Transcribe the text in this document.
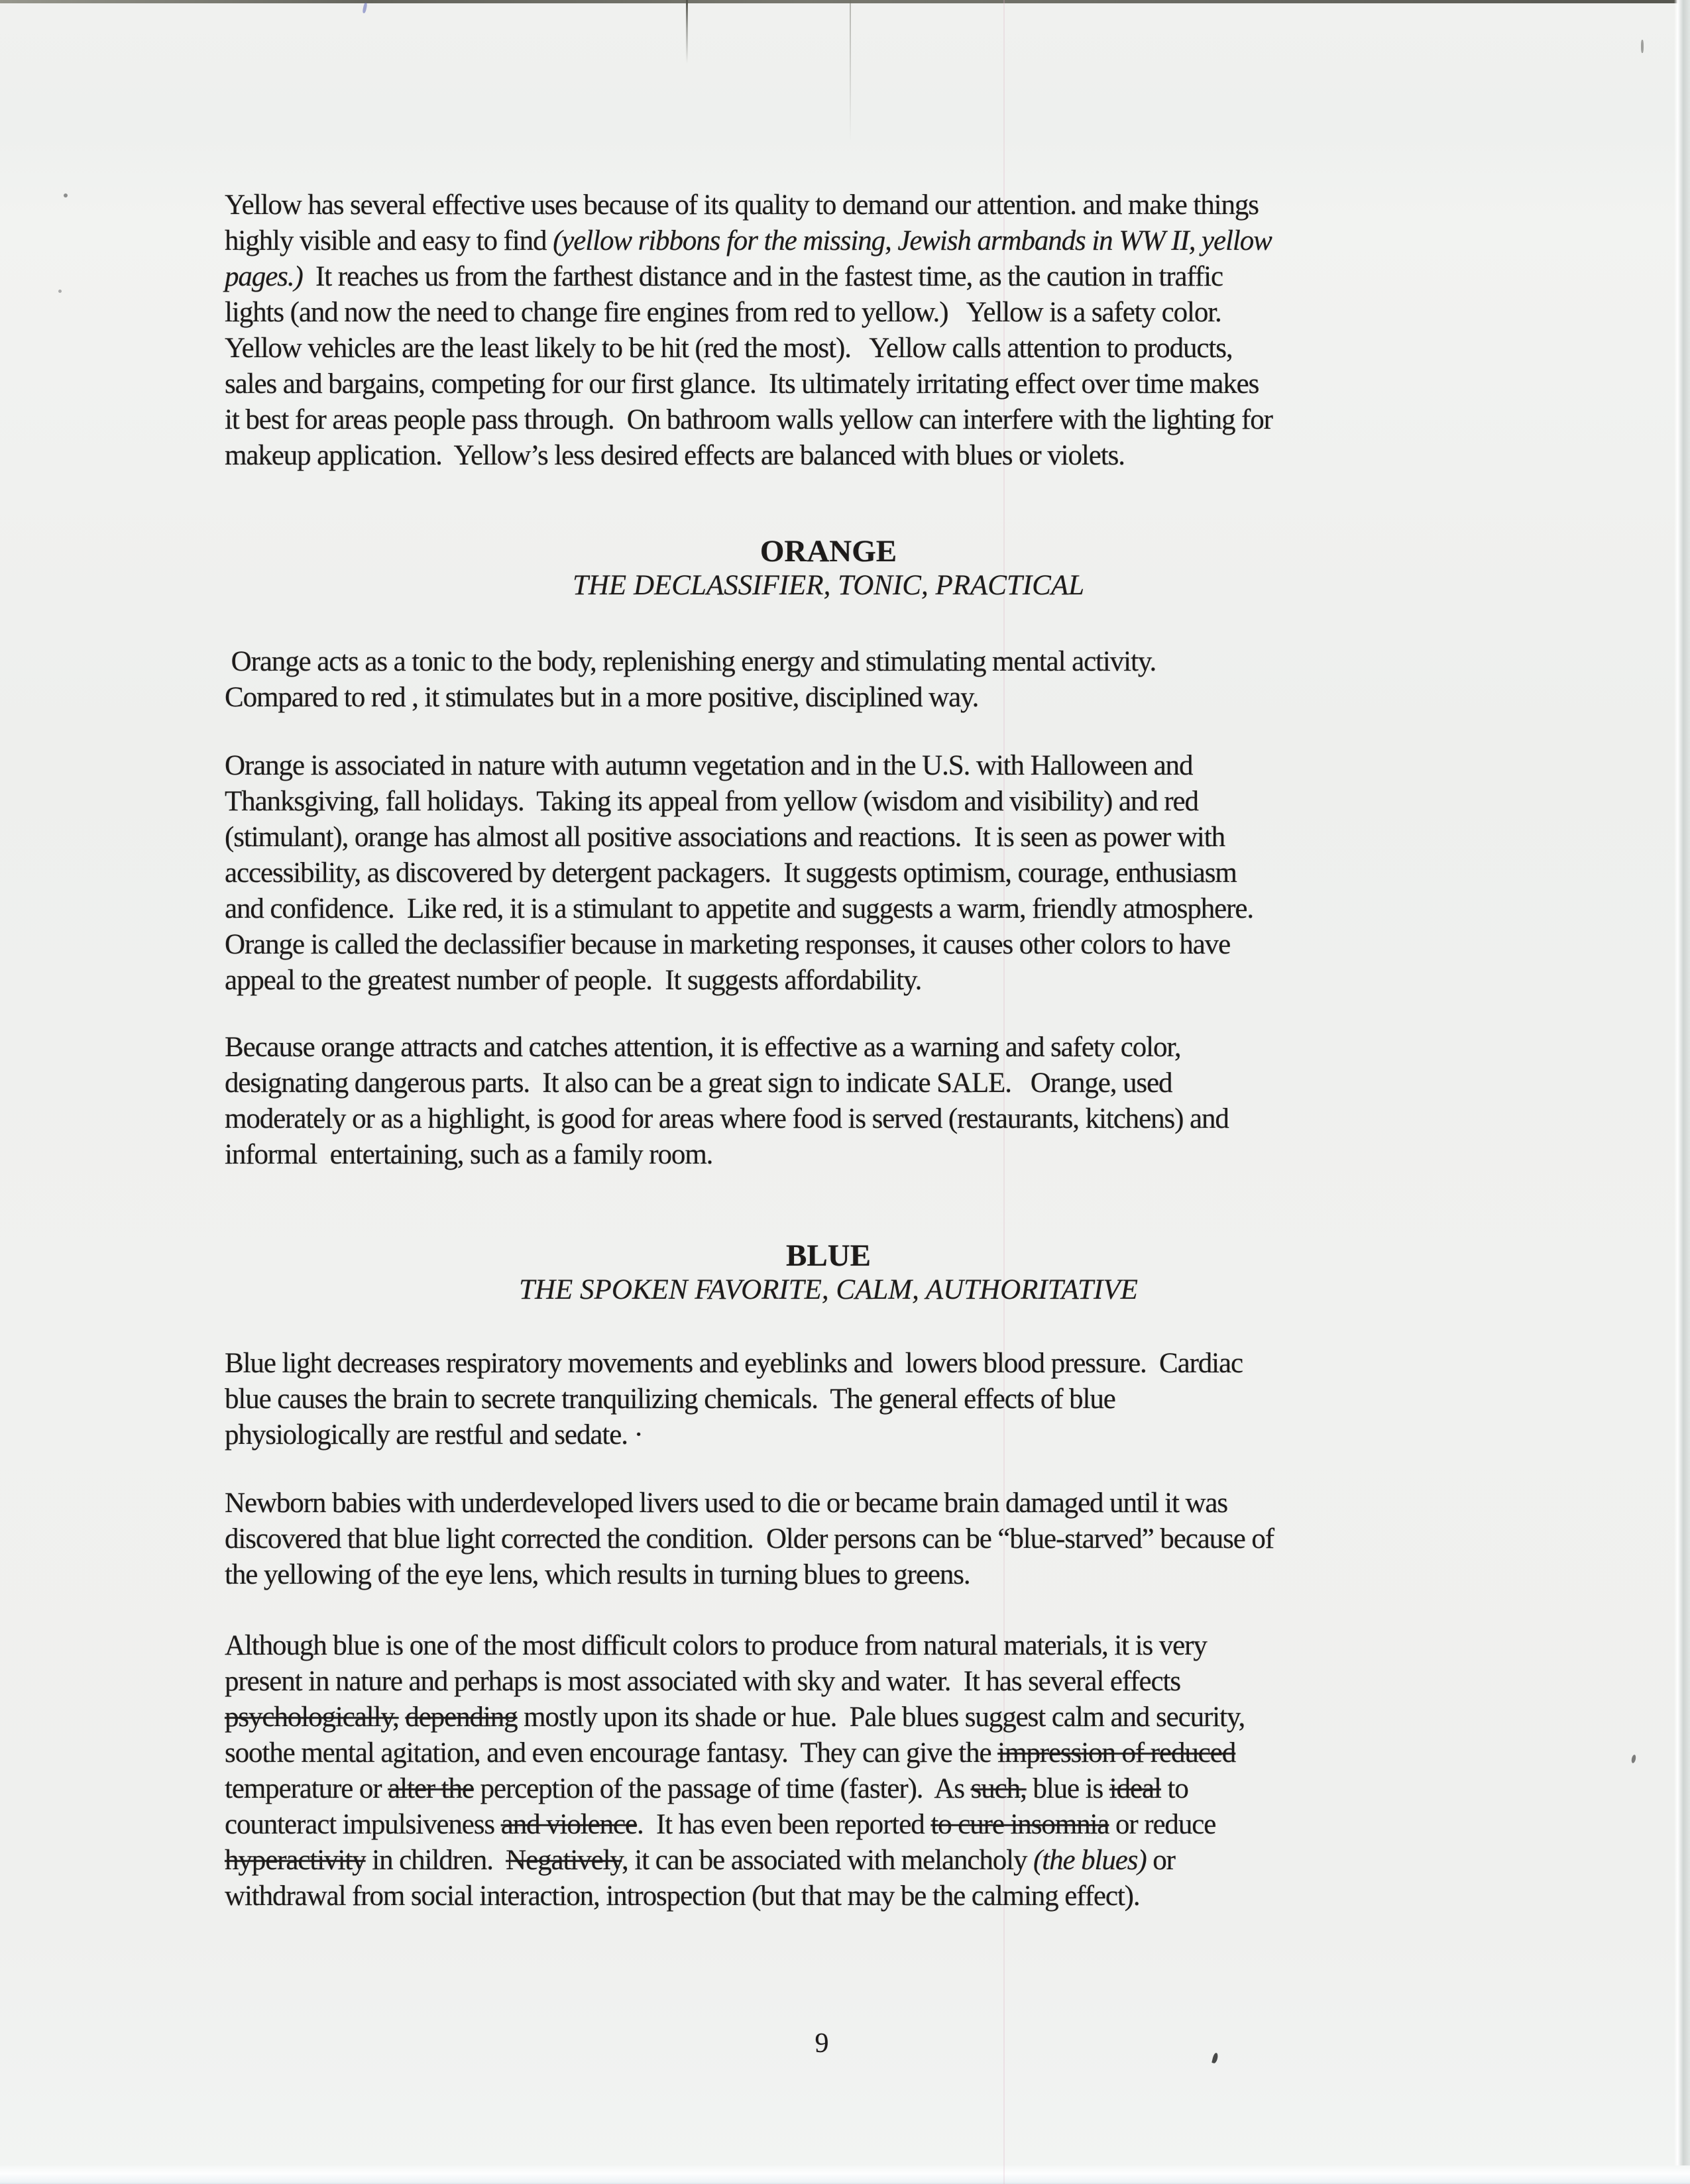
Yellow has several effective uses because of its quality to demand our attention. and make things
highly visible and easy to find (yellow ribbons for the missing, Jewish armbands in WW II, yellow
pages.)  It reaches us from the farthest distance and in the fastest time, as the caution in traffic
lights (and now the need to change fire engines from red to yellow.)   Yellow is a safety color.
Yellow vehicles are the least likely to be hit (red the most).   Yellow calls attention to products,
sales and bargains, competing for our first glance.  Its ultimately irritating effect over time makes
it best for areas people pass through.  On bathroom walls yellow can interfere with the lighting for
makeup application.  Yellow’s less desired effects are balanced with blues or violets.
ORANGE
THE DECLASSIFIER, TONIC, PRACTICAL
Orange acts as a tonic to the body, replenishing energy and stimulating mental activity.
Compared to red , it stimulates but in a more positive, disciplined way.
Orange is associated in nature with autumn vegetation and in the U.S. with Halloween and
Thanksgiving, fall holidays.  Taking its appeal from yellow (wisdom and visibility) and red
(stimulant), orange has almost all positive associations and reactions.  It is seen as power with
accessibility, as discovered by detergent packagers.  It suggests optimism, courage, enthusiasm
and confidence.  Like red, it is a stimulant to appetite and suggests a warm, friendly atmosphere.
Orange is called the declassifier because in marketing responses, it causes other colors to have
appeal to the greatest number of people.  It suggests affordability.
Because orange attracts and catches attention, it is effective as a warning and safety color,
designating dangerous parts.  It also can be a great sign to indicate SALE.   Orange, used
moderately or as a highlight, is good for areas where food is served (restaurants, kitchens) and
informal  entertaining, such as a family room.
BLUE
THE SPOKEN FAVORITE, CALM, AUTHORITATIVE
Blue light decreases respiratory movements and eyeblinks and  lowers blood pressure.  Cardiac
blue causes the brain to secrete tranquilizing chemicals.  The general effects of blue
physiologically are restful and sedate. ·
Newborn babies with underdeveloped livers used to die or became brain damaged until it was
discovered that blue light corrected the condition.  Older persons can be “blue-starved” because of
the yellowing of the eye lens, which results in turning blues to greens.
Although blue is one of the most difficult colors to produce from natural materials, it is very
present in nature and perhaps is most associated with sky and water.  It has several effects
psychologically, depending mostly upon its shade or hue.  Pale blues suggest calm and security,
soothe mental agitation, and even encourage fantasy.  They can give the impression of reduced
temperature or alter the perception of the passage of time (faster).  As such, blue is ideal to
counteract impulsiveness and violence.  It has even been reported to cure insomnia or reduce
hyperactivity in children.  Negatively, it can be associated with melancholy (the blues) or
withdrawal from social interaction, introspection (but that may be the calming effect).
9
